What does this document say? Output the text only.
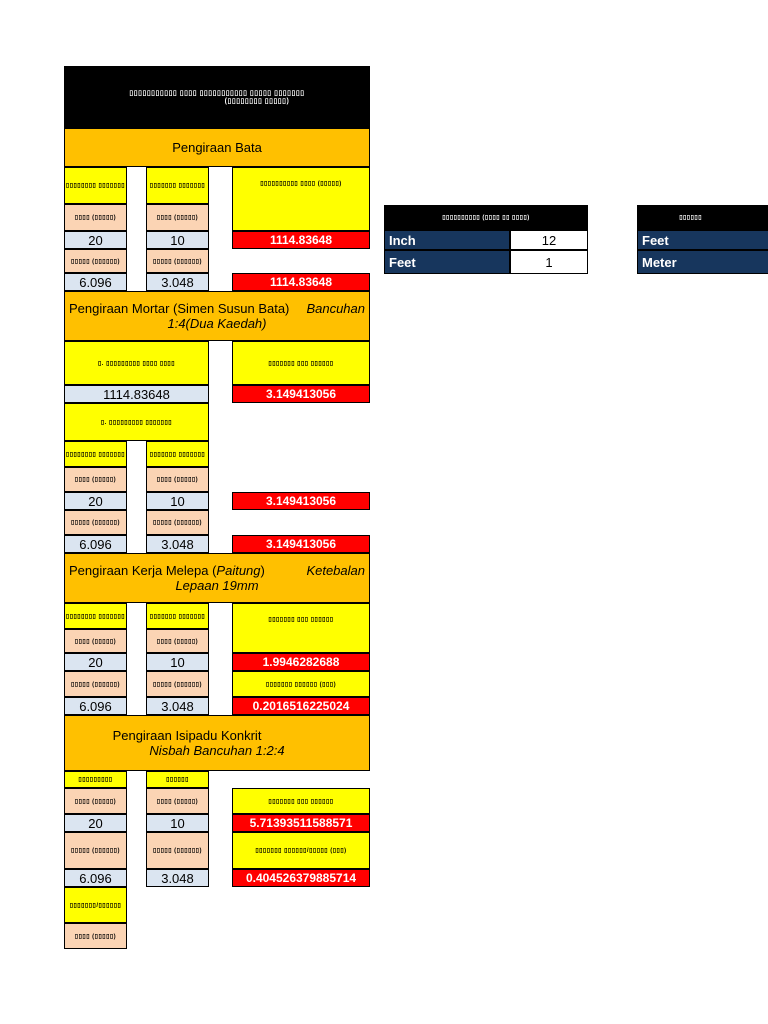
▯▯▯▯▯▯▯▯▯▯▯ ▯▯▯▯ ▯▯▯▯▯▯▯▯▯▯▯ ▯▯▯▯▯ ▯▯▯▯▯▯▯
(▯▯▯▯▯▯▯▯ ▯▯▯▯▯)
Pengiraan Bata
▯▯▯▯▯▯▯▯ ▯▯▯▯▯▯▯	▯▯▯▯▯▯▯ ▯▯▯▯▯▯▯	▯▯▯▯▯▯▯▯▯▯ ▯▯▯▯ (▯▯▯▯▯)
▯▯▯▯ (▯▯▯▯▯)	▯▯▯▯ (▯▯▯▯▯)
20	10	1114.83648
▯▯▯▯▯ (▯▯▯▯▯▯)	▯▯▯▯▯ (▯▯▯▯▯▯)
6.096	3.048	1114.83648
Pengiraan Mortar (Simen Susun Bata) Bancuhan
1:4(Dua Kaedah)
▯. ▯▯▯▯▯▯▯▯▯ ▯▯▯▯ ▯▯▯▯	▯▯▯▯▯▯▯ ▯▯▯ ▯▯▯▯▯▯
1114.83648	3.149413056
▯. ▯▯▯▯▯▯▯▯▯ ▯▯▯▯▯▯▯
▯▯▯▯▯▯▯▯ ▯▯▯▯▯▯▯	▯▯▯▯▯▯▯ ▯▯▯▯▯▯▯
▯▯▯▯ (▯▯▯▯▯)	▯▯▯▯ (▯▯▯▯▯)
20	10	3.149413056
▯▯▯▯▯ (▯▯▯▯▯▯)	▯▯▯▯▯ (▯▯▯▯▯▯)
6.096	3.048	3.149413056
Pengiraan Kerja Melepa (Paitung)	Ketebalan
Lepaan 19mm
▯▯▯▯▯▯▯▯ ▯▯▯▯▯▯▯	▯▯▯▯▯▯▯ ▯▯▯▯▯▯▯
▯▯▯▯▯▯▯ ▯▯▯ ▯▯▯▯▯▯
▯▯▯▯ (▯▯▯▯▯)	▯▯▯▯ (▯▯▯▯▯)
20	10	1.9946282688
▯▯▯▯▯ (▯▯▯▯▯▯)	▯▯▯▯▯ (▯▯▯▯▯▯)	▯▯▯▯▯▯▯ ▯▯▯▯▯▯ (▯▯▯)
6.096	3.048	0.2016516225024
Pengiraan Isipadu Konkrit
Nisbah Bancuhan 1:2:4
▯▯▯▯▯▯▯▯▯	▯▯▯▯▯▯
▯▯▯▯ (▯▯▯▯▯)	▯▯▯▯ (▯▯▯▯▯)	▯▯▯▯▯▯▯ ▯▯▯ ▯▯▯▯▯▯
20	10	5.71393511588571
▯▯▯▯▯ (▯▯▯▯▯▯)	▯▯▯▯▯ (▯▯▯▯▯▯)	▯▯▯▯▯▯▯ ▯▯▯▯▯▯/▯▯▯▯▯ (▯▯▯)
6.096	3.048	0.404526379885714
▯▯▯▯▯▯▯/▯▯▯▯▯▯
▯▯▯▯ (▯▯▯▯▯)
▯▯▯▯▯▯▯▯▯▯ (▯▯▯▯ ▯▯ ▯▯▯▯)
Inch	12
Feet	1
▯▯▯▯▯▯
Feet
Meter
